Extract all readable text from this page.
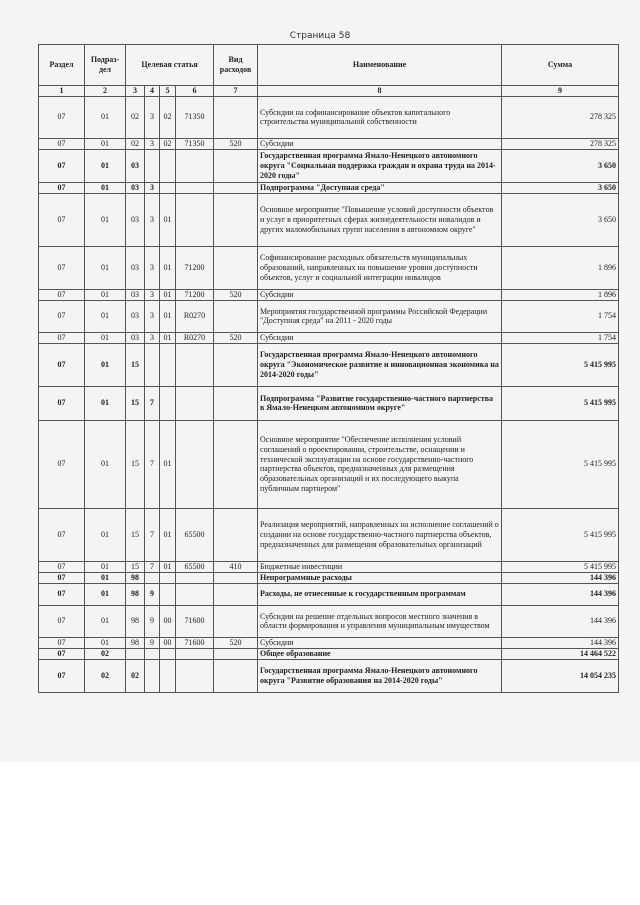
Страница 58
Раздел	Подраз-дел	Целевая статья				Вид расходов	Наименование	Сумма
1	2	3	4	5	6	7	8	9
07	01	02	3	02	71350		Субсидии на софинансирование объектов капитального строительства муниципальной собственности	278 325
07	01	02	3	02	71350	520	Субсидии	278 325
07	01	03					Государственная программа Ямало-Ненецкого автономного округа "Социальная поддержка граждан и охрана труда на 2014-2020 годы"	3 650
07	01	03	3				Подпрограмма "Доступная среда"	3 650
07	01	03	3	01			Основное мероприятие "Повышение условий доступности объектов и услуг в приоритетных сферах жизнедеятельности инвалидов и других маломобильных групп населения в автономном округе"	3 650
07	01	03	3	01	71200		Софинансирование расходных обязательств муниципальных образований, направленных на повышение уровня доступности объектов, услуг и социальной интеграции инвалидов	1 896
07	01	03	3	01	71200	520	Субсидии	1 896
07	01	03	3	01	R0270		Мероприятия государственной программы Российской Федерации "Доступная среда" на 2011 - 2020 годы	1 754
07	01	03	3	01	R0270	520	Субсидии	1 754
07	01	15					Государственная программа Ямало-Ненецкого автономного округа "Экономическое развитие и инновационная экономика на 2014-2020 годы"	5 415 995
07	01	15	7				Подпрограмма "Развитие государственно-частного партнерства в Ямало-Ненецком автономном округе"	5 415 995
07	01	15	7	01			Основное мероприятие "Обеспечение исполнения условий соглашений о проектировании, строительстве, оснащении и технической эксплуатации на основе государственно-частного партнерства объектов, предназначенных для размещения образовательных организаций и их последующего выкупа публичным партнером"	5 415 995
07	01	15	7	01	65500		Реализация мероприятий, направленных на исполнение соглашений о создании на основе государственно-частного партнерства объектов, предназначенных для размещения образовательных организаций	5 415 995
07	01	15	7	01	65500	410	Бюджетные инвестиции	5 415 995
07	01	98					Непрограммные расходы	144 396
07	01	98	9				Расходы, не отнесенные к государственным программам	144 396
07	01	98	9	00	71600		Субсидии на решение отдельных вопросов местного значения в области формирования и управления муниципальным имуществом	144 396
07	01	98	9	00	71600	520	Субсидии	144 396
07	02						Общее образование	14 464 522
07	02	02					Государственная программа Ямало-Ненецкого автономного округа "Развитие образования на 2014-2020 годы"	14 054 235
